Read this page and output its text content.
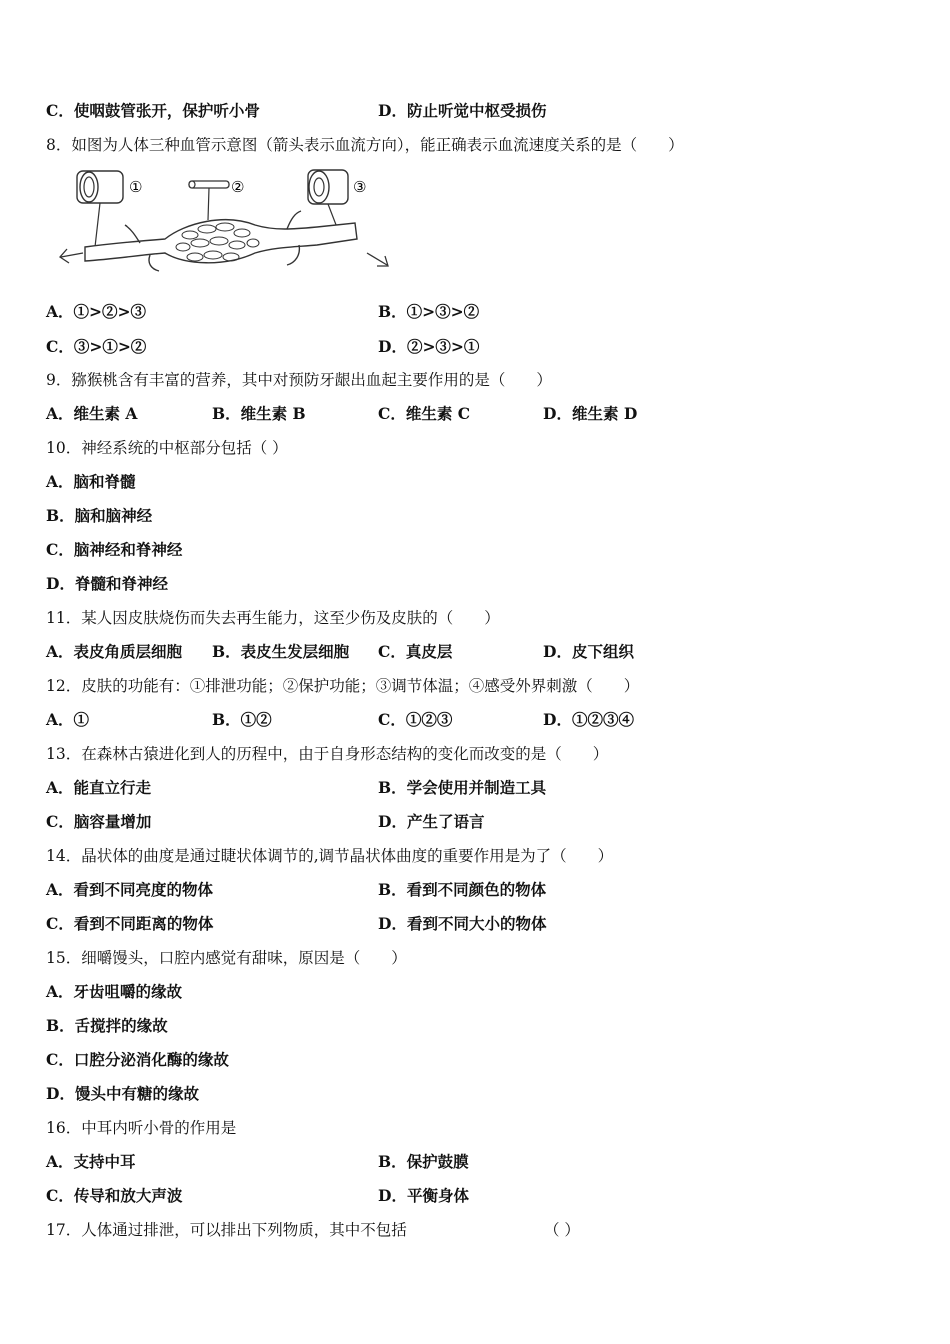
C．使咽鼓管张开，保护听小骨	D．防止听觉中枢受损伤
8．如图为人体三种血管示意图（箭头表示血流方向），能正确表示血流速度关系的是（　　）
①	②	③
A．①>②>③	B．①>③>②
C．③>①>②	D．②>③>①
9．猕猴桃含有丰富的营养，其中对预防牙龈出血起主要作用的是（　　）
A．维生素 A	B．维生素 B	C．维生素 C	D．维生素 D
10．神经系统的中枢部分包括（ ）
A．脑和脊髓
B．脑和脑神经
C．脑神经和脊神经
D．脊髓和脊神经
11．某人因皮肤烧伤而失去再生能力，这至少伤及皮肤的（　　）
A．表皮角质层细胞 B．表皮生发层细胞 C．真皮层	D．皮下组织
12．皮肤的功能有：①排泄功能；②保护功能；③调节体温；④感受外界刺激（　　）
A．①	B．①②	C．①②③	D．①②③④
13．在森林古猿进化到人的历程中，由于自身形态结构的变化而改变的是（　　）
A．能直立行走	B．学会使用并制造工具
C．脑容量增加	D．产生了语言
14．晶状体的曲度是通过睫状体调节的,调节晶状体曲度的重要作用是为了（　　）
A．看到不同亮度的物体	B．看到不同颜色的物体
C．看到不同距离的物体	D．看到不同大小的物体
15．细嚼馒头，口腔内感觉有甜味，原因是（　　）
A．牙齿咀嚼的缘故
B．舌搅拌的缘故
C．口腔分泌消化酶的缘故
D．馒头中有糖的缘故
16．中耳内听小骨的作用是
A．支持中耳	B．保护鼓膜
C．传导和放大声波	D．平衡身体
17．人体通过排泄，可以排出下列物质，其中不包括	（ ）
